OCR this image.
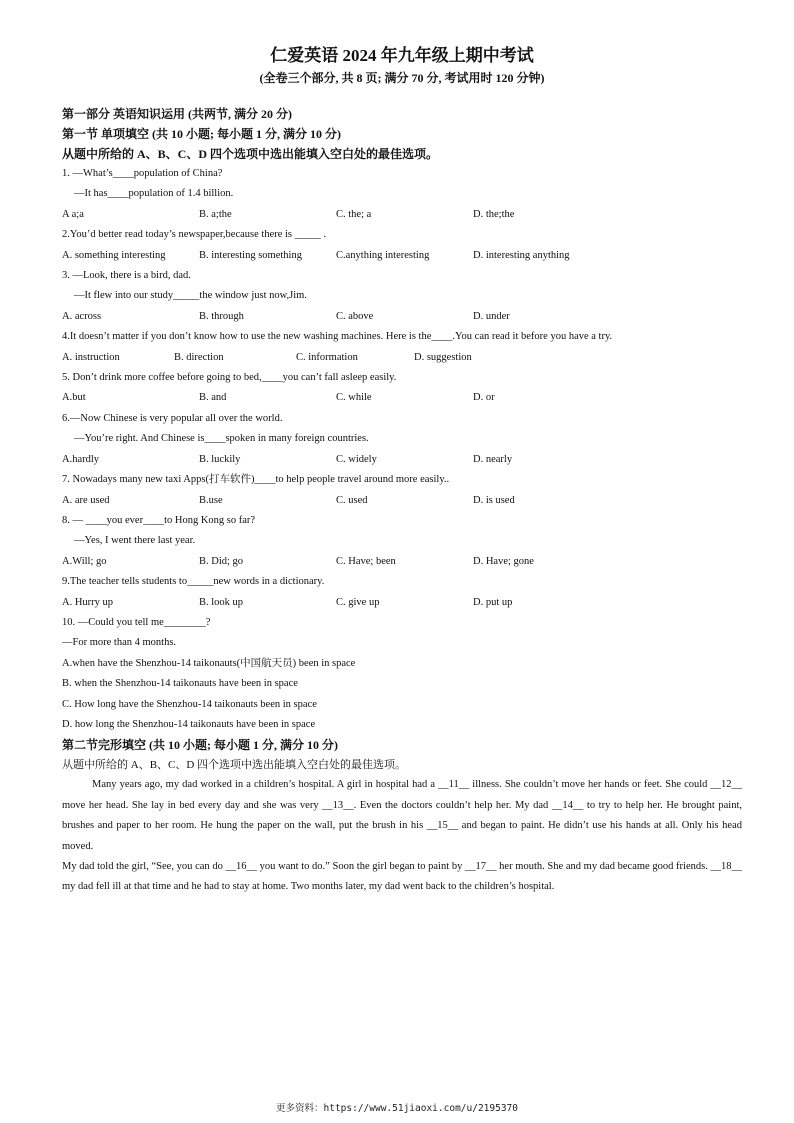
仁爱英语 2024 年九年级上期中考试

(全卷三个部分, 共 8 页; 满分 70 分, 考试用时 120 分钟)

第一部分 英语知识运用 (共两节, 满分 20 分)

第一节 单项填空 (共 10 小题; 每小题 1 分, 满分 10 分)

从题中所给的 A、B、C、D 四个选项中选出能填入空白处的最佳选项。

1. —What’s____population of China?

—It has____population of 1.4 billion.

A a;a	B. a;the	C. the; a	D. the;the

2.You’d better read today’s newspaper,because there is _____ .

A. something interesting	B. interesting something	C.anything interesting	D. interesting anything

3. —Look, there is a bird, dad.

—It flew into our study_____the window just now,Jim.

A. across	B. through	C. above	D. under

4.It doesn’t matter if you don’t know how to use the new washing machines. Here is the____.You can read it before you have a try.

A. instruction	B. direction	C. information	D. suggestion

5. Don’t drink more coffee before going to bed,____you can’t fall asleep easily.

A.but	B. and	C. while	D. or

6.—Now Chinese is very popular all over the world.

—You’re right. And Chinese is____spoken in many foreign countries.

A.hardly	B. luckily	C. widely	D. nearly

7. Nowadays many new taxi Apps(打车软件)____to help people travel around more easily..

A. are used	B.use	C. used	D. is used

8. — ____you ever____to Hong Kong so far?

—Yes, I went there last year.

A.Will; go	B. Did; go	C. Have; been	D. Have; gone

9.The teacher tells students to_____new words in a dictionary.

A. Hurry up	B. look up	C. give up	D. put up

10. —Could you tell me________?

—For more than 4 months.

A.when have the Shenzhou-14 taikonauts(中国航天员) been in space

B. when the Shenzhou-14 taikonauts have been in space

C. How long have the Shenzhou-14 taikonauts been in space

D. how long the Shenzhou-14 taikonauts have been in space

第二节完形填空 (共 10 小题; 每小题 1 分, 满分 10 分)

从题中所给的 A、B、C、D 四个选项中选出能填入空白处的最佳选项。

Many years ago, my dad worked in a children’s hospital. A girl in hospital had a __11__ illness. She couldn’t move her hands or feet. She could __12__ move her head. She lay in bed every day and she was very __13__. Even the doctors couldn’t help her. My dad __14__ to try to help her. He brought paint, brushes and paper to her room. He hung the paper on the wall, put the brush in his __15__ and began to paint. He didn’t use his hands at all. Only his head moved.

My dad told the girl, “See, you can do __16__ you want to do.” Soon the girl began to paint by __17__ her mouth. She and my dad became good friends. __18__ my dad fell ill at that time and he had to stay at home. Two months later, my dad went back to the children’s hospital.

更多资料：https://www.51jiaoxi.com/u/2195370
